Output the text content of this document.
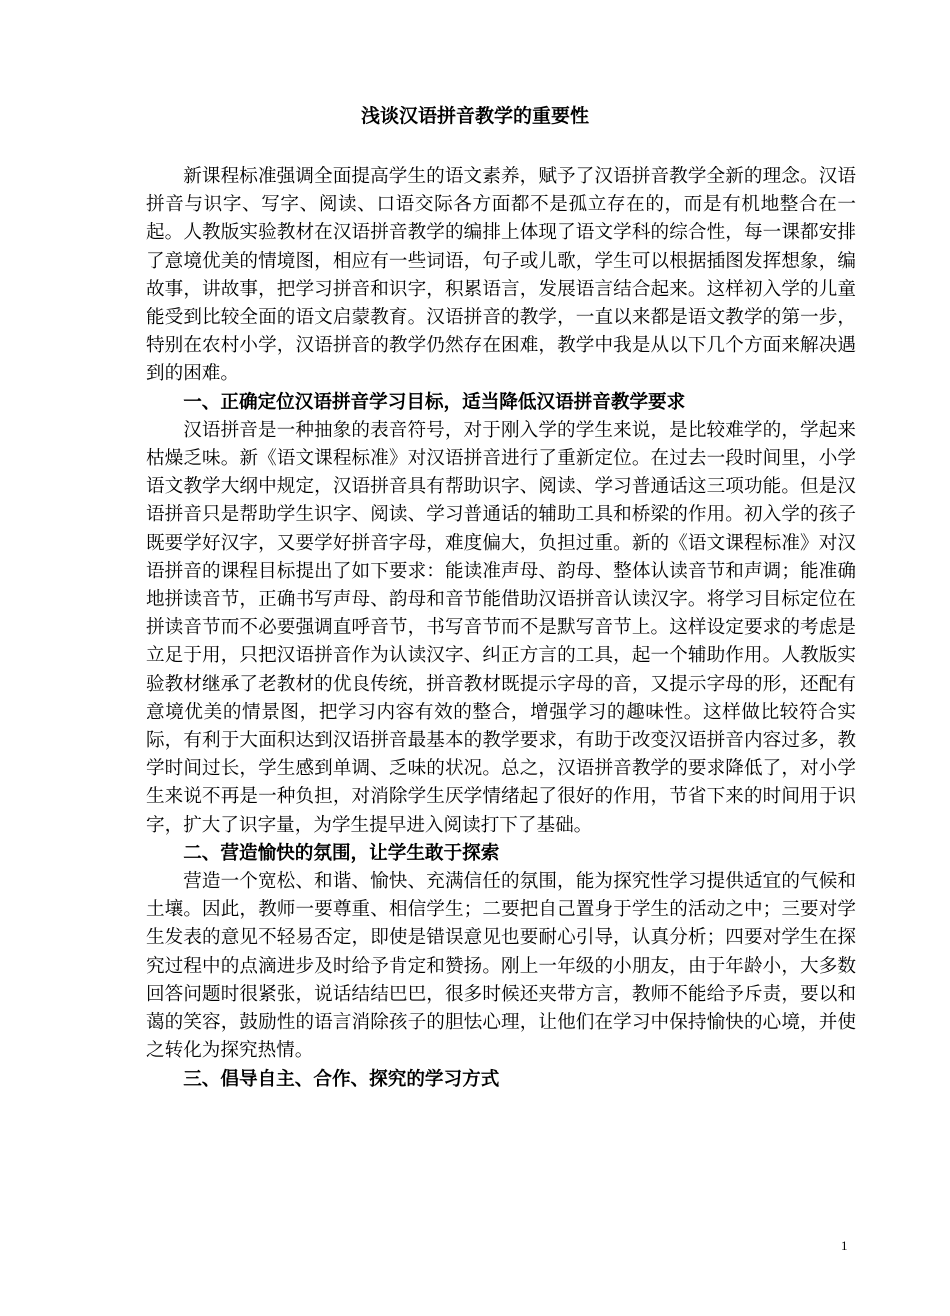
浅谈汉语拼音教学的重要性

新课程标准强调全面提高学生的语文素养，赋予了汉语拼音教学全新的理念。汉语拼音与识字、写字、阅读、口语交际各方面都不是孤立存在的，而是有机地整合在一起。人教版实验教材在汉语拼音教学的编排上体现了语文学科的综合性，每一课都安排了意境优美的情境图，相应有一些词语，句子或儿歌，学生可以根据插图发挥想象，编故事，讲故事，把学习拼音和识字，积累语言，发展语言结合起来。这样初入学的儿童能受到比较全面的语文启蒙教育。汉语拼音的教学，一直以来都是语文教学的第一步，特别在农村小学，汉语拼音的教学仍然存在困难，教学中我是从以下几个方面来解决遇到的困难。

一、正确定位汉语拼音学习目标，适当降低汉语拼音教学要求

汉语拼音是一种抽象的表音符号，对于刚入学的学生来说，是比较难学的，学起来枯燥乏味。新《语文课程标准》对汉语拼音进行了重新定位。在过去一段时间里，小学语文教学大纲中规定，汉语拼音具有帮助识字、阅读、学习普通话这三项功能。但是汉语拼音只是帮助学生识字、阅读、学习普通话的辅助工具和桥梁的作用。初入学的孩子既要学好汉字，又要学好拼音字母，难度偏大，负担过重。新的《语文课程标准》对汉语拼音的课程目标提出了如下要求：能读准声母、韵母、整体认读音节和声调；能准确地拼读音节，正确书写声母、韵母和音节能借助汉语拼音认读汉字。将学习目标定位在拼读音节而不必要强调直呼音节，书写音节而不是默写音节上。这样设定要求的考虑是立足于用，只把汉语拼音作为认读汉字、纠正方言的工具，起一个辅助作用。人教版实验教材继承了老教材的优良传统，拼音教材既提示字母的音，又提示字母的形，还配有意境优美的情景图，把学习内容有效的整合，增强学习的趣味性。这样做比较符合实际，有利于大面积达到汉语拼音最基本的教学要求，有助于改变汉语拼音内容过多，教学时间过长，学生感到单调、乏味的状况。总之，汉语拼音教学的要求降低了，对小学生来说不再是一种负担，对消除学生厌学情绪起了很好的作用，节省下来的时间用于识字，扩大了识字量，为学生提早进入阅读打下了基础。

二、营造愉快的氛围，让学生敢于探索

营造一个宽松、和谐、愉快、充满信任的氛围，能为探究性学习提供适宜的气候和土壤。因此，教师一要尊重、相信学生；二要把自己置身于学生的活动之中；三要对学生发表的意见不轻易否定，即使是错误意见也要耐心引导，认真分析；四要对学生在探究过程中的点滴进步及时给予肯定和赞扬。刚上一年级的小朋友，由于年龄小，大多数回答问题时很紧张，说话结结巴巴，很多时候还夹带方言，教师不能给予斥责，要以和蔼的笑容，鼓励性的语言消除孩子的胆怯心理，让他们在学习中保持愉快的心境，并使之转化为探究热情。

三、倡导自主、合作、探究的学习方式

1
